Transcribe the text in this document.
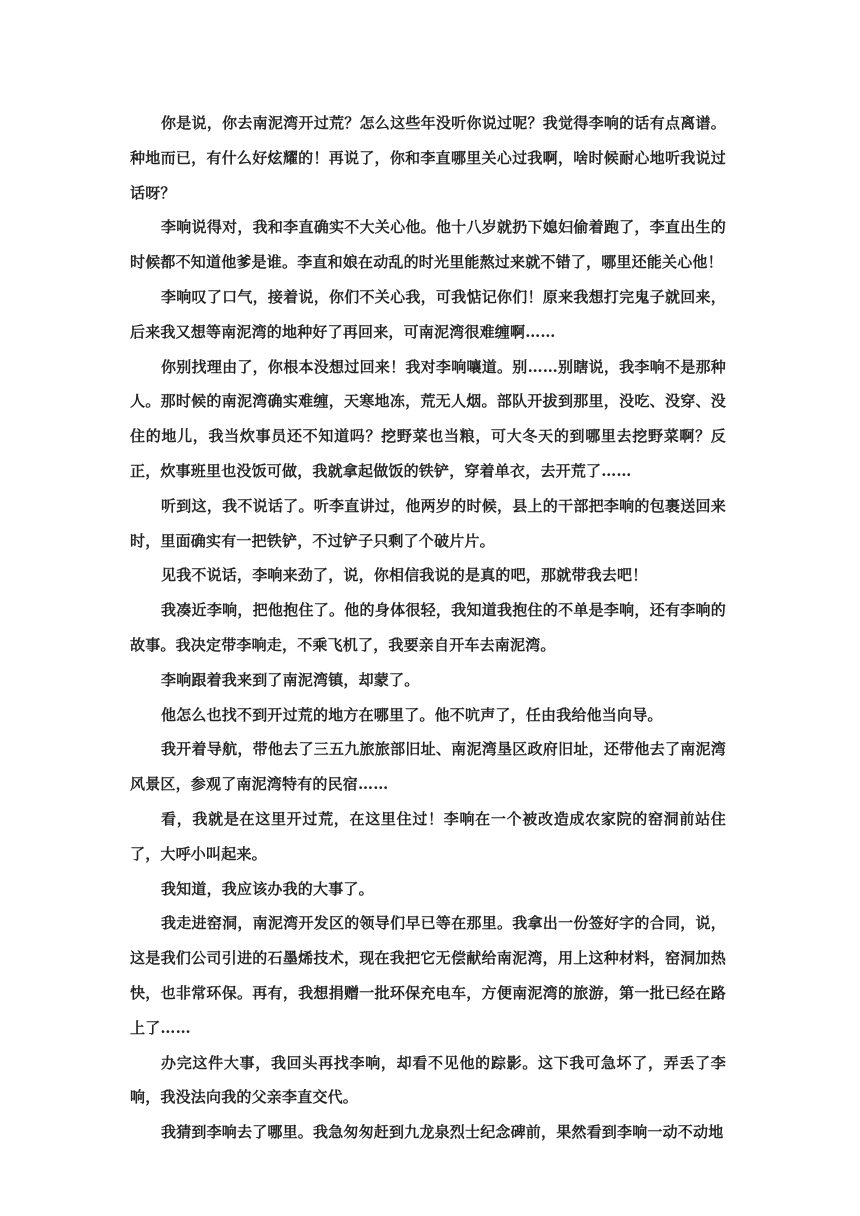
你是说，你去南泥湾开过荒？怎么这些年没听你说过呢？我觉得李响的话有点离谱。种地而已，有什么好炫耀的！再说了，你和李直哪里关心过我啊，啥时候耐心地听我说过话呀？

李响说得对，我和李直确实不大关心他。他十八岁就扔下媳妇偷着跑了，李直出生的时候都不知道他爹是谁。李直和娘在动乱的时光里能熬过来就不错了，哪里还能关心他！

李响叹了口气，接着说，你们不关心我，可我惦记你们！原来我想打完鬼子就回来，后来我又想等南泥湾的地种好了再回来，可南泥湾很难缠啊……

你别找理由了，你根本没想过回来！我对李响嚷道。别……别瞎说，我李响不是那种人。那时候的南泥湾确实难缠，天寒地冻，荒无人烟。部队开拔到那里，没吃、没穿、没住的地儿，我当炊事员还不知道吗？挖野菜也当粮，可大冬天的到哪里去挖野菜啊？反正，炊事班里也没饭可做，我就拿起做饭的铁铲，穿着单衣，去开荒了……

听到这，我不说话了。听李直讲过，他两岁的时候，县上的干部把李响的包裹送回来时，里面确实有一把铁铲，不过铲子只剩了个破片片。

见我不说话，李响来劲了，说，你相信我说的是真的吧，那就带我去吧！

我凑近李响，把他抱住了。他的身体很轻，我知道我抱住的不单是李响，还有李响的故事。我决定带李响走，不乘飞机了，我要亲自开车去南泥湾。

李响跟着我来到了南泥湾镇，却蒙了。

他怎么也找不到开过荒的地方在哪里了。他不吭声了，任由我给他当向导。

我开着导航，带他去了三五九旅旅部旧址、南泥湾垦区政府旧址，还带他去了南泥湾风景区，参观了南泥湾特有的民宿……

看，我就是在这里开过荒，在这里住过！李响在一个被改造成农家院的窑洞前站住了，大呼小叫起来。

我知道，我应该办我的大事了。

我走进窑洞，南泥湾开发区的领导们早已等在那里。我拿出一份签好字的合同，说，这是我们公司引进的石墨烯技术，现在我把它无偿献给南泥湾，用上这种材料，窑洞加热快，也非常环保。再有，我想捐赠一批环保充电车，方便南泥湾的旅游，第一批已经在路上了……

办完这件大事，我回头再找李响，却看不见他的踪影。这下我可急坏了，弄丢了李响，我没法向我的父亲李直交代。

我猜到李响去了哪里。我急匆匆赶到九龙泉烈士纪念碑前，果然看到李响一动不动地
